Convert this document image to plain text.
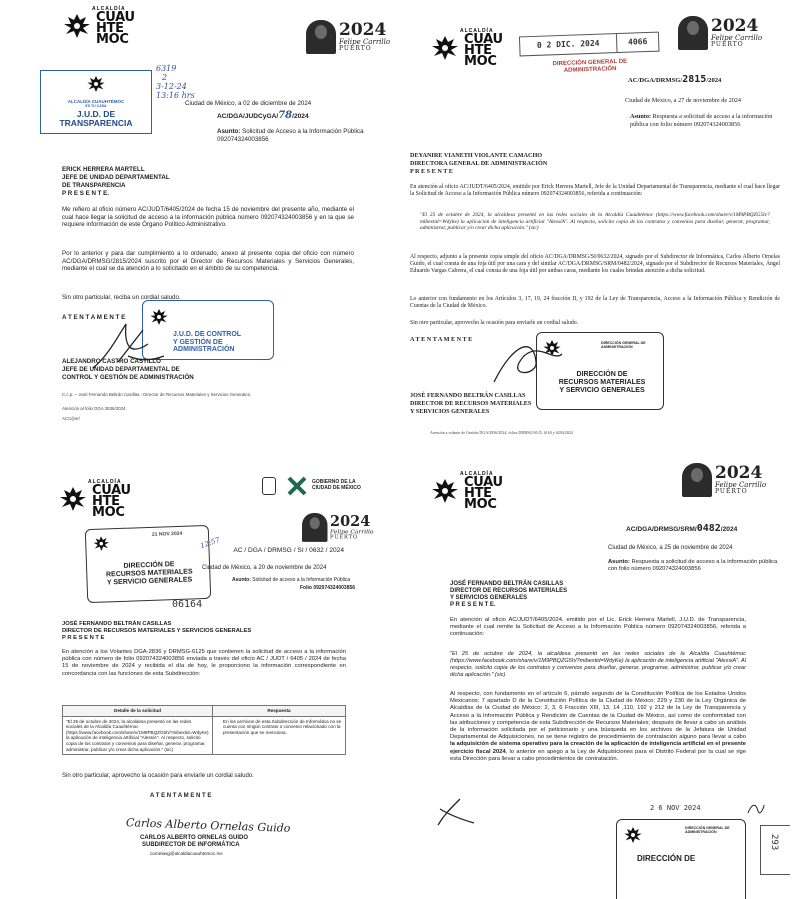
ALCALDÍA
CUAU
HTE
MOC	2024
Felipe Carrillo
PUERTO
6319
2
3-12-24
13:16 hrs
ALCALDÍA CUAUHTÉMOC
ES TU CASA
J.U.D. DE TRANSPARENCIA
Ciudad de México, a 02 de diciembre de 2024
AC/DGA/JUDCyGA/78/2024
Asunto: Solicitud de Acceso a la Información Pública 092074324003856
ERICK HERRERA MARTELL
JEFE DE UNIDAD DEPARTAMENTAL
DE TRANSPARENCIA
P R E S E N T E.
Me refiero al oficio número AC/JUDT/6405/2024 de fecha 15 de noviembre del presente año, mediante el cual hace llegar la solicitud de acceso a la información pública número 092074324003856 y en la que se requiere información de este Órgano Político Administrativo.
Por lo anterior y para dar cumplimiento a lo ordenado, anexo al presente copia del oficio con número AC/DGA/DRMSG/2815/2024 suscrito por el Director de Recursos Materiales y Servicios Generales, mediante el cual se da atención a lo solicitado en el ámbito de su competencia.
Sin otro particular, reciba un cordial saludo.
A T E N T A M E N T E
J.U.D. DE CONTROL
Y GESTIÓN DE
ADMINISTRACIÓN
ALEJANDRO CASTRO CASTILLO
JEFE DE UNIDAD DEPARTAMENTAL DE
CONTROL Y GESTIÓN DE ADMINISTRACIÓN
C.c.p. – José Fernando Beltrán Casillas.- Director de Recursos Materiales y Servicios Generales.
Atención al folio DGA 2836/2024
ACC/jmr/
ALCALDÍA
CUAU
HTE
MOC
2024
Felipe Carrillo
PUERTO
0 2 DIC. 2024	4066
DIRECCIÓN GENERAL DE
ADMINISTRACIÓN
AC/DGA/DRMSG/2815/2024
Ciudad de México, a 27 de noviembre de 2024
Asunto: Respuesta a solicitud de acceso a la información pública con folio número 092074324003856
DEYANIRE VIANETH VIOLANTE CAMACHO
DIRECTORA GENERAL DE ADMINISTRACIÓN
P R E S E N T E
En atención al oficio AC/JUDT/6405/2024, emitido por Erick Herrera Martell, Jefe de la Unidad Departamental de Transparencia, mediante el cual hace llegar la Solicitud de Acceso a la Información Pública número 092074324003856, referida a continuación:
"El 25 de octubre de 2024, la alcaldesa presentó en las redes sociales de la Alcaldía Cuauhtémoc (https://www.facebook.com/share/v/1M9PBQZG5h/?mibextid=Wdyhe) la aplicación de inteligencia artificial "AlessiA". Al respecto, solicito copia de los contratos y convenios para diseñar, generar, programar, administrar, publicar y/o crear dicha aplicación." (sic)
Al respecto, adjunto a la presente copia simple del oficio AC/DGA/DRMSG/SI/0632/2024, signado por el Subdirector de Informática, Carlos Alberto Ornelas Guido, el cual consta de una foja útil por una cara y del similar AC/DGA/DRMSG/SRM/0482/2024, signado por el Subdirector de Recursos Materiales, Ángel Eduardo Vargas Cabrera, el cual consta de una foja útil por ambas caras, mediante los cuales brindan atención a dicha solicitud.
Lo anterior con fundamento en los Artículos 3, 17, 19, 24 fracción II, y 192 de la Ley de Transparencia, Acceso a la Información Pública y Rendición de Cuentas de la Ciudad de México.
Sin otro particular, aprovecho la ocasión para enviarle un cordial saludo.
A T E N T A M E N T E	DIRECCIÓN GENERAL DE ADMINISTRACIÓN
DIRECCIÓN DE
RECURSOS MATERIALES
Y SERVICIO GENERALES
JOSÉ FERNANDO BELTRÁN CASILLAS
DIRECTOR DE RECURSOS MATERIALES
Y SERVICIOS GENERALES
Atención a volante de Gestión DGA/2836/2024, folios DRMSG/6125, 6164 y 6294/2024
ALCALDÍA
CUAU
HTE
MOC
GOBIERNO DE LA
CIUDAD DE MÉXICO
2024
Felipe Carrillo
PUERTO
21 NOV 2024
DIRECCIÓN DE
RECURSOS MATERIALES
Y SERVICIO GENERALES
12:57
06164
AC / DGA / DRMSG / SI / 0632 / 2024
Ciudad de México, a 20 de noviembre de 2024
Asunto: Solicitud de acceso a la Información Pública
Folio 092074324003856
JOSÉ FERNANDO BELTRÁN CASILLAS
DIRECTOR DE RECURSOS MATERIALES Y SERVICIOS GENERALES
P R E S E N T E
En atención a los Volantes DGA-2836 y DRMSG-6125 que contienen la solicitud de acceso a la información pública con número de folio 092074324003856 enviada a través del oficio AC / JUDT / 6405 / 2024 de fecha 15 de noviembre de 2024 y recibida el día de hoy, le proporciono la información correspondiente en concordancia con las funciones de esta Subdirección:
Detalle de la solicitud	Respuesta
"El 25 de octubre de 2024, la alcaldesa presentó en las redes sociales de la Alcaldía Cuauhtémoc (https://www.facebook.com/share/v/1M9PBQZG5h/?mibextid=WdyKe) la aplicación de inteligencia artificial "AlessiA". Al respecto, solicito copia de los contratos y convenios para diseñar, generar, programar, administrar, publicar y/o crear dicha aplicación." (sic)	En los archivos de esta Subdirección de Informática no se cuenta con ningún contrato o convenio relacionado con la presentación que se menciona.
Sin otro particular, aprovecho la ocasión para enviarle un cordial saludo.
A T E N T A M E N T E
Carlos Alberto Ornelas Guido
CARLOS ALBERTO ORNELAS GUIDO
SUBDIRECTOR DE INFORMÁTICA
cornelasg@alcaldiacuauhtemoc.mx
ALCALDÍA
CUAU
HTE
MOC
2024
Felipe Carrillo
PUERTO
AC/DGA/DRMSG/SRM/0482/2024
Ciudad de México, a 25 de noviembre de 2024
Asunto: Respuesta a solicitud de acceso a la información pública con folio número 092074324003856
JOSÉ FERNANDO BELTRÁN CASILLAS
DIRECTOR DE RECURSOS MATERIALES
Y SERVICIOS GENERALES
P R E S E N T E.
En atención al oficio AC/JUDT/6405/2024, emitido por el Lic. Erick Herrera Martell, J.U.D. de Transparencia, mediante el cual remite la Solicitud de Acceso a la Información Pública número 092074324003856, referida a continuación:
"El 25 de octubre de 2024, la alcaldesa presentó en las redes sociales de la Alcaldía Cuauhtémoc (https://www.facebook.com/share/v/1M9PBQZG5h/?mibextid=WdyKe) la aplicación de inteligencia artificial "AlessiA". Al respecto, solicito copia de los contratos y convenios para diseñar, generar, programar, administrar, publicar y/o crear dicha aplicación." (sic)
Al respecto, con fundamento en el artículo 6, párrafo segundo de la Constitución Política de los Estados Unidos Mexicanos; 7 apartado D de la Constitución Política de la Ciudad de México; 229 y 230 de la Ley Orgánica de Alcaldías de la Ciudad de México; 2, 3, 6 Fracción XIII, 13, 14 ,110, 192 y 212 de la Ley de Transparencia y Acceso a la Información Pública y Rendición de Cuentas de la Ciudad de México, así como de conformidad con las atribuciones y competencia de esta Subdirección de Recursos Materiales; después de llevar a cabo un análisis de la información solicitada por el peticionario y una búsqueda en los archivos de la Jefatura de Unidad Departamental de Adquisiciones, no se tiene registro de procedimiento de contratación alguno para llevar a cabo la adquisición de sistema operativo para la creación de la aplicación de inteligencia artificial en el presente ejercicio fiscal 2024, lo anterior en apego a la Ley de Adquisiciones para el Distrito Federal por la cual se rige esta Dirección para llevar a cabo procedimientos de contratación.
2 6 NOV 2024
DIRECCIÓN GENERAL DE ADMINISTRACIÓN
DIRECCIÓN DE
293
